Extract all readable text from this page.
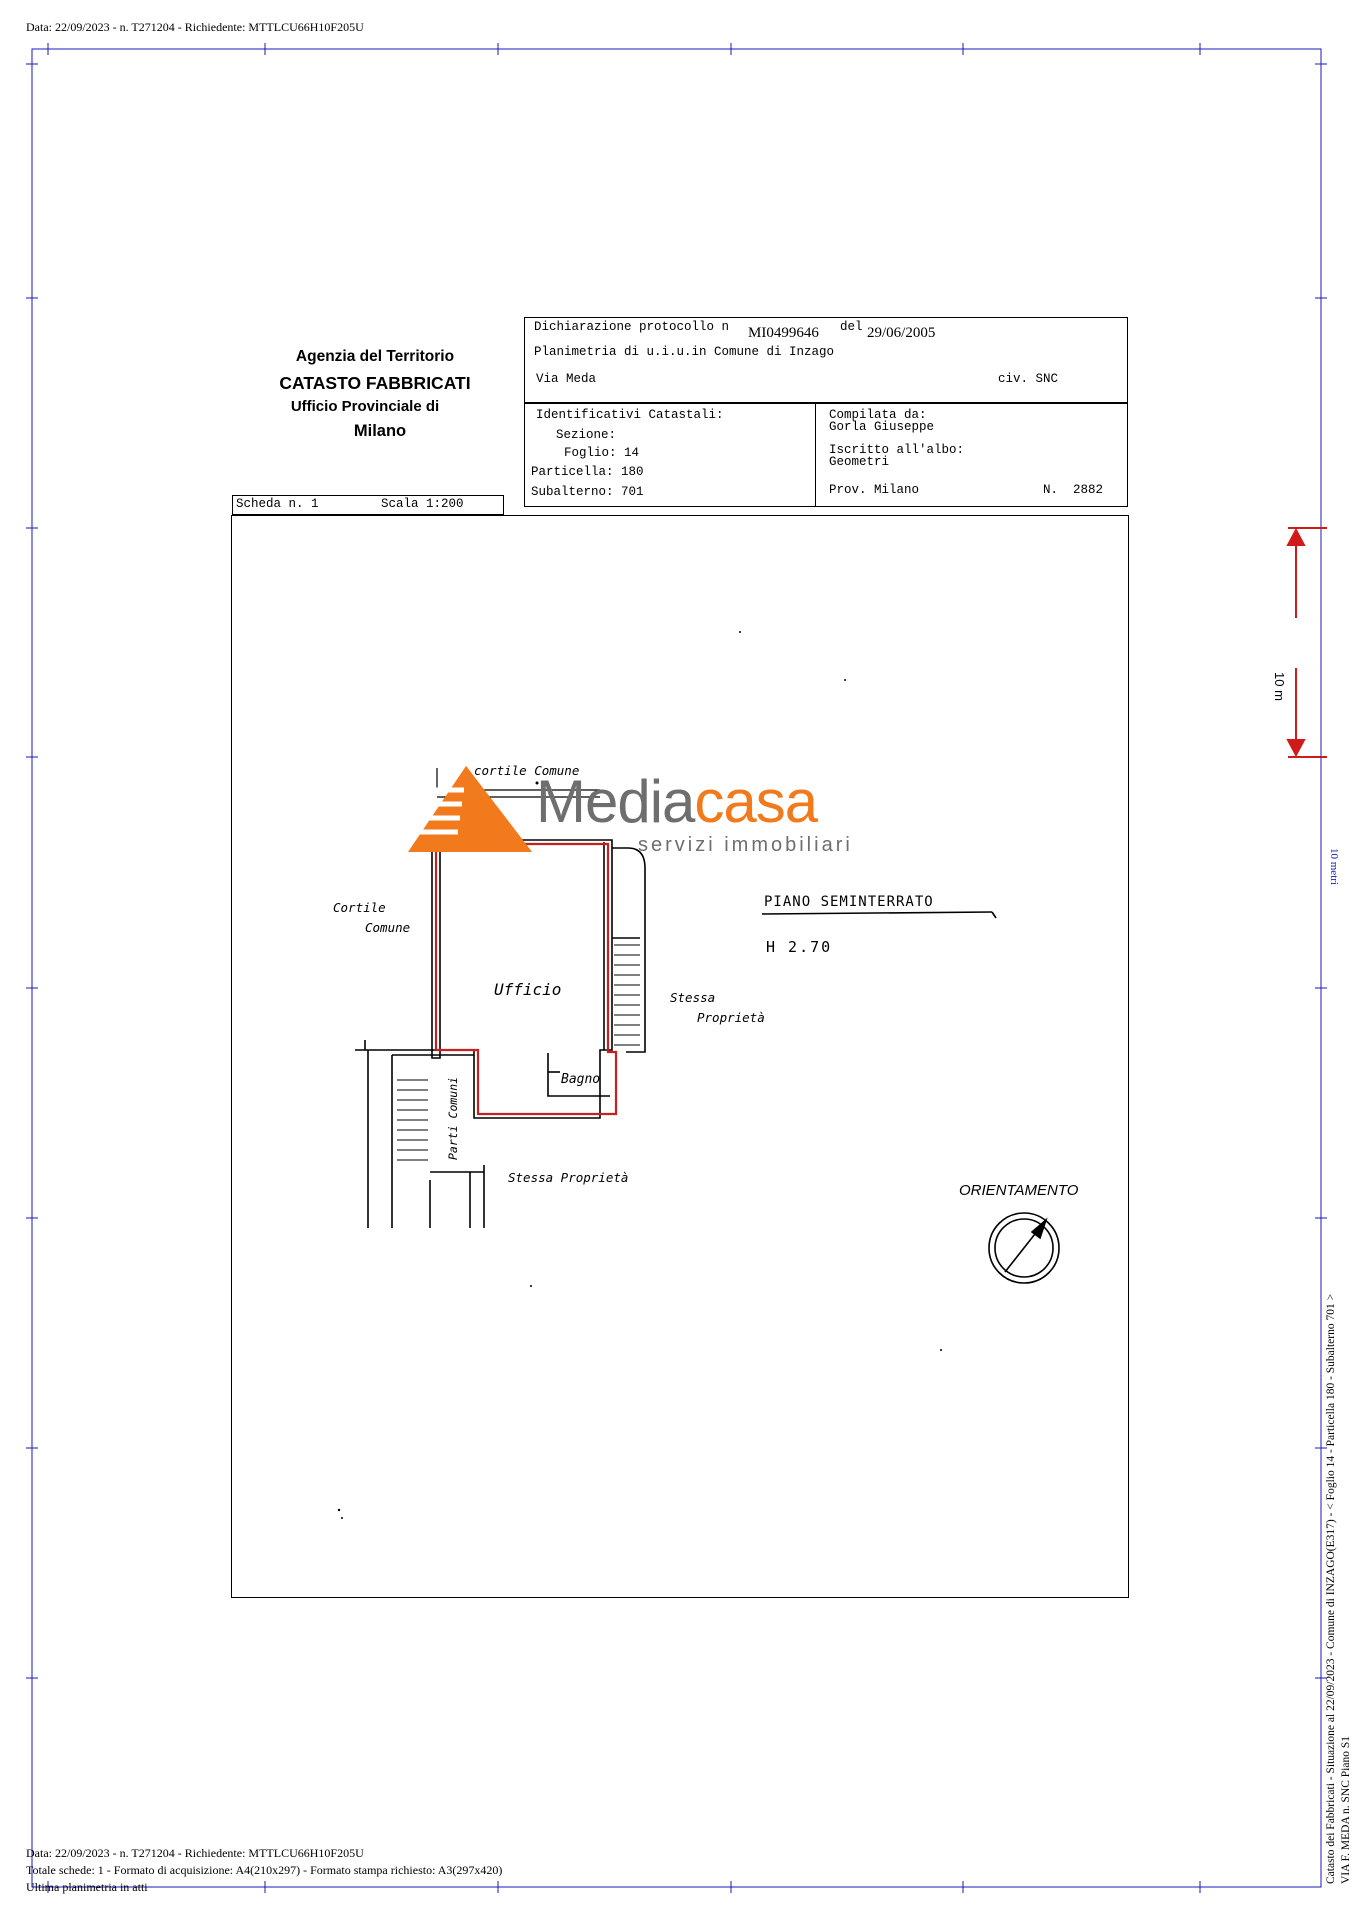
Data: 22/09/2023 - n. T271204 - Richiedente: MTTLCU66H10F205U
Agenzia del Territorio
CATASTO FABBRICATI
Ufficio Provinciale di
Milano
Dichiarazione protocollo n MI0499646 del 29/06/2005
Planimetria di u.i.u.in Comune di Inzago
Via Meda	civ. SNC
Identificativi Catastali:
Sezione:
Foglio: 14
Particella: 180
Subalterno: 701
Compilata da:
Gorla Giuseppe
Iscritto all'albo:
Geometri
Prov. Milano	N.  2882
Scheda n. 1	Scala 1:200
cortile Comune
Cortile
Comune
Ufficio
Bagno
Stessa
Proprietà
Parti Comuni
Stessa Proprietà
PIANO SEMINTERRATO
H 2.70
ORIENTAMENTO
Mediacasa
servizi immobiliari
10 m
10 metri
Catasto dei Fabbricati - Situazione al 22/09/2023 - Comune di INZAGO(E317) - < Foglio 14 - Particella 180 - Subalterno 701 > VIA F. MEDA n. SNC Piano S1
Data: 22/09/2023 - n. T271204 - Richiedente: MTTLCU66H10F205U
Totale schede: 1 - Formato di acquisizione: A4(210x297) - Formato stampa richiesto: A3(297x420)
Ultima planimetria in atti
